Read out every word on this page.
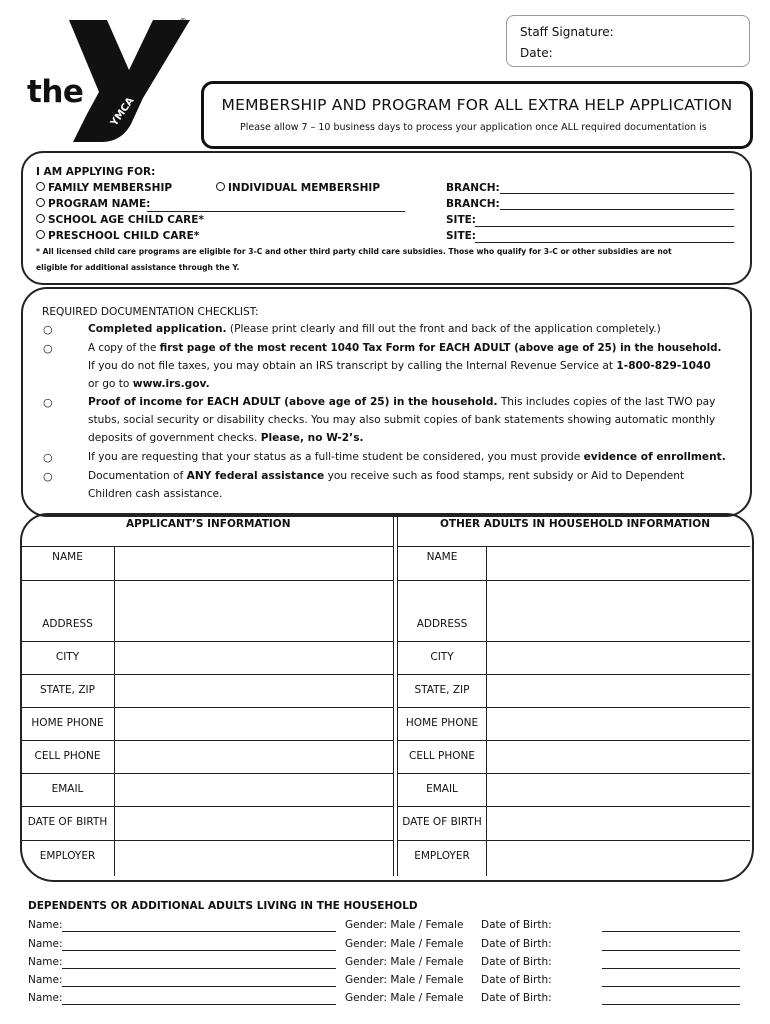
®
the
YMCA
Staff Signature:
Date:
MEMBERSHIP AND PROGRAM FOR ALL EXTRA HELP APPLICATION
Please allow 7 – 10 business days to process your application once ALL required documentation is
I AM APPLYING FOR:
FAMILY MEMBERSHIP	INDIVIDUAL MEMBERSHIP
PROGRAM NAME:
SCHOOL AGE CHILD CARE*
PRESCHOOL CHILD CARE*
BRANCH:
BRANCH:
SITE:
SITE:
* All licensed child care programs are eligible for 3-C and other third party child care subsidies. Those who qualify for 3-C or other subsidies are not
eligible for additional assistance through the Y.
REQUIRED DOCUMENTATION CHECKLIST:
○	Completed application. (Please print clearly and fill out the front and back of the application completely.)
○	A copy of the first page of the most recent 1040 Tax Form for EACH ADULT (above age of 25) in the household.
If you do not file taxes, you may obtain an IRS transcript by calling the Internal Revenue Service at 1-800-829-1040
or go to www.irs.gov.
○	Proof of income for EACH ADULT (above age of 25) in the household. This includes copies of the last TWO pay
stubs, social security or disability checks. You may also submit copies of bank statements showing automatic monthly
deposits of government checks. Please, no W-2’s.
○	If you are requesting that your status as a full-time student be considered, you must provide evidence of enrollment.
○	Documentation of ANY federal assistance you receive such as food stamps, rent subsidy or Aid to Dependent
Children cash assistance.
APPLICANT’S INFORMATION	OTHER ADULTS IN HOUSEHOLD INFORMATION
NAME
ADDRESS
CITY
STATE, ZIP
HOME PHONE
CELL PHONE
EMAIL
DATE OF BIRTH
EMPLOYER
NAME
ADDRESS
CITY
STATE, ZIP
HOME PHONE
CELL PHONE
EMAIL
DATE OF BIRTH
EMPLOYER
DEPENDENTS OR ADDITIONAL ADULTS LIVING IN THE HOUSEHOLD
Name:	Gender: Male / Female Date of Birth:
Name:	Gender: Male / Female Date of Birth:
Name:	Gender: Male / Female Date of Birth:
Name:	Gender: Male / Female Date of Birth:
Name:	Gender: Male / Female Date of Birth:
